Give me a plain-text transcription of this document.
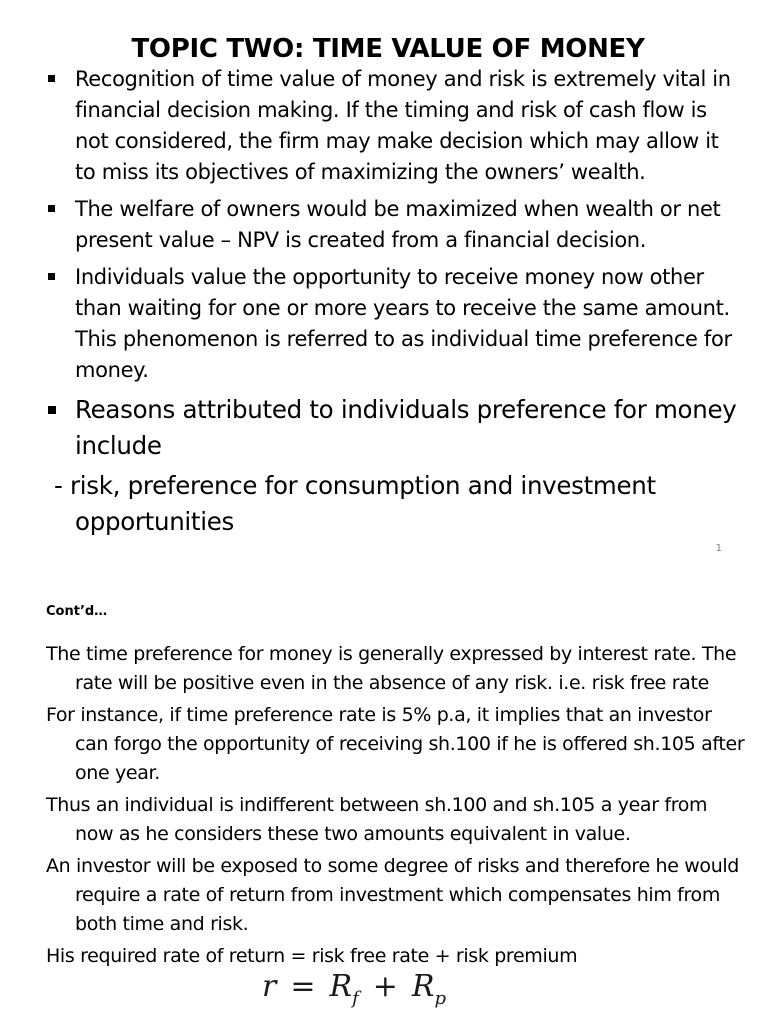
TOPIC TWO: TIME VALUE OF MONEY
Recognition of time value of money and risk is extremely vital in financial decision making. If the timing and risk of cash flow is not considered, the firm may make decision which may allow it to miss its objectives of maximizing the owners’ wealth.
The welfare of owners would be maximized when wealth or net present value – NPV is created from a financial decision.
Individuals value the opportunity to receive money now other than waiting for one or more years to receive the same amount. This phenomenon is referred to as individual time preference for money.
Reasons attributed to individuals preference for money include
- risk, preference for consumption and investment opportunities
1
Cont’d…
The time preference for money is generally expressed by interest rate. The rate will be positive even in the absence of any risk. i.e. risk free rate
For instance, if time preference rate is 5% p.a, it implies that an investor can forgo the opportunity of receiving sh.100 if he is offered sh.105 after one year.
Thus an individual is indifferent between sh.100 and sh.105 a year from now as he considers these two amounts equivalent in value.
An investor will be exposed to some degree of risks and therefore he would require a rate of return from investment which compensates him from both time and risk.
His required rate of return = risk free rate + risk premium
$r = R_f + R_p$
